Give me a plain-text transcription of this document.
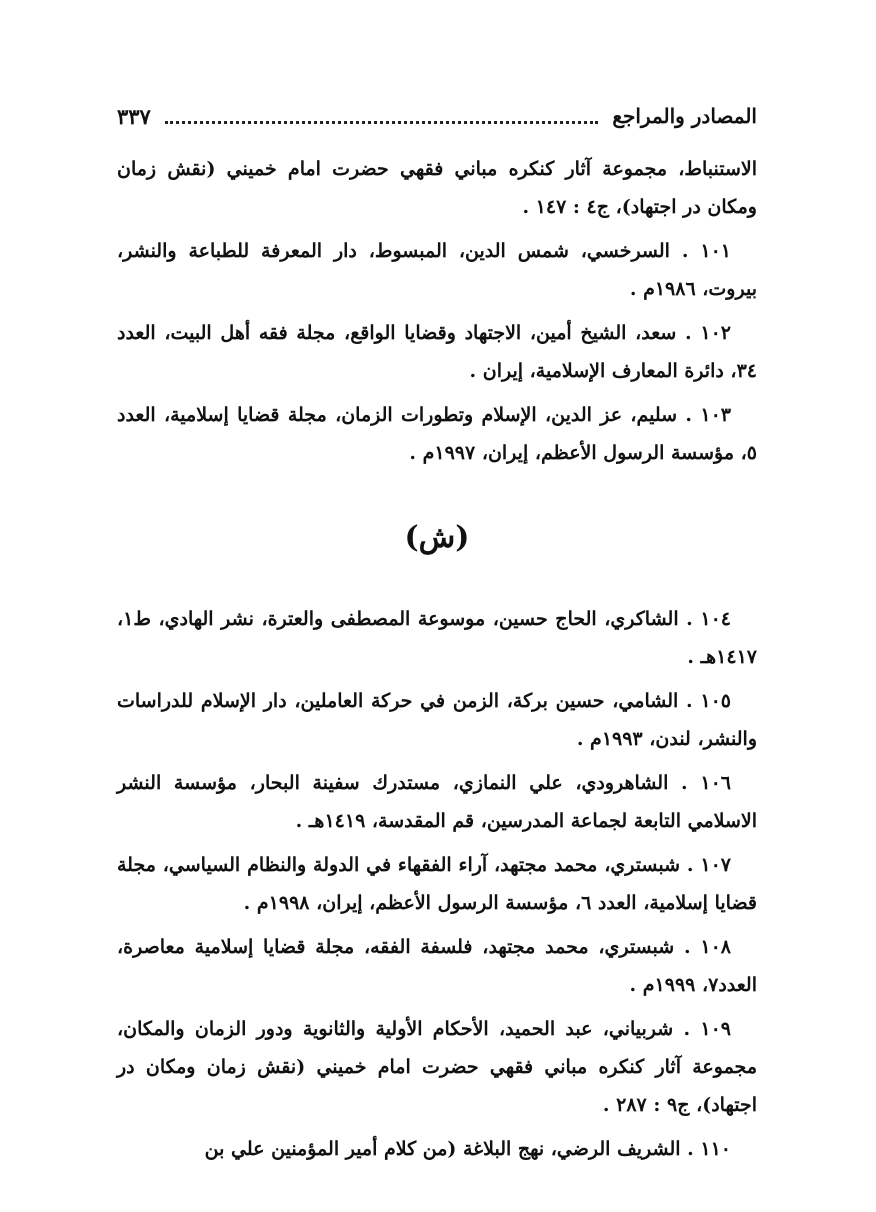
المصادر والمراجع
٣٣٧

الاستنباط، مجموعة آثار كنكره مباني فقهي حضرت امام خميني (نقش زمان ومكان در اجتهاد)، ج٤ : ١٤٧ .

١٠١ . السرخسي، شمس الدين، المبسوط، دار المعرفة للطباعة والنشر، بيروت، ١٩٨٦م .

١٠٢ . سعد، الشيخ أمين، الاجتهاد وقضايا الواقع، مجلة فقه أهل البيت، العدد ٣٤، دائرة المعارف الإسلامية، إيران .

١٠٣ . سليم، عز الدين، الإسلام وتطورات الزمان، مجلة قضايا إسلامية، العدد ٥، مؤسسة الرسول الأعظم، إيران، ١٩٩٧م .

(ش)

١٠٤ . الشاكري، الحاج حسين، موسوعة المصطفى والعترة، نشر الهادي، ط١، ١٤١٧هـ .

١٠٥ . الشامي، حسين بركة، الزمن في حركة العاملين، دار الإسلام للدراسات والنشر، لندن، ١٩٩٣م .

١٠٦ . الشاهرودي، علي النمازي، مستدرك سفينة البحار، مؤسسة النشر الاسلامي التابعة لجماعة المدرسين، قم المقدسة، ١٤١٩هـ .

١٠٧ . شبستري، محمد مجتهد، آراء الفقهاء في الدولة والنظام السياسي، مجلة قضايا إسلامية، العدد ٦، مؤسسة الرسول الأعظم، إيران، ١٩٩٨م .

١٠٨ . شبستري، محمد مجتهد، فلسفة الفقه، مجلة قضايا إسلامية معاصرة، العدد٧، ١٩٩٩م .

١٠٩ . شربياني، عبد الحميد، الأحكام الأولية والثانوية ودور الزمان والمكان، مجموعة آثار كنكره مباني فقهي حضرت امام خميني (نقش زمان ومكان در اجتهاد)، ج٩ : ٢٨٧ .

١١٠ . الشريف الرضي، نهج البلاغة (من كلام أمير المؤمنين علي بن
